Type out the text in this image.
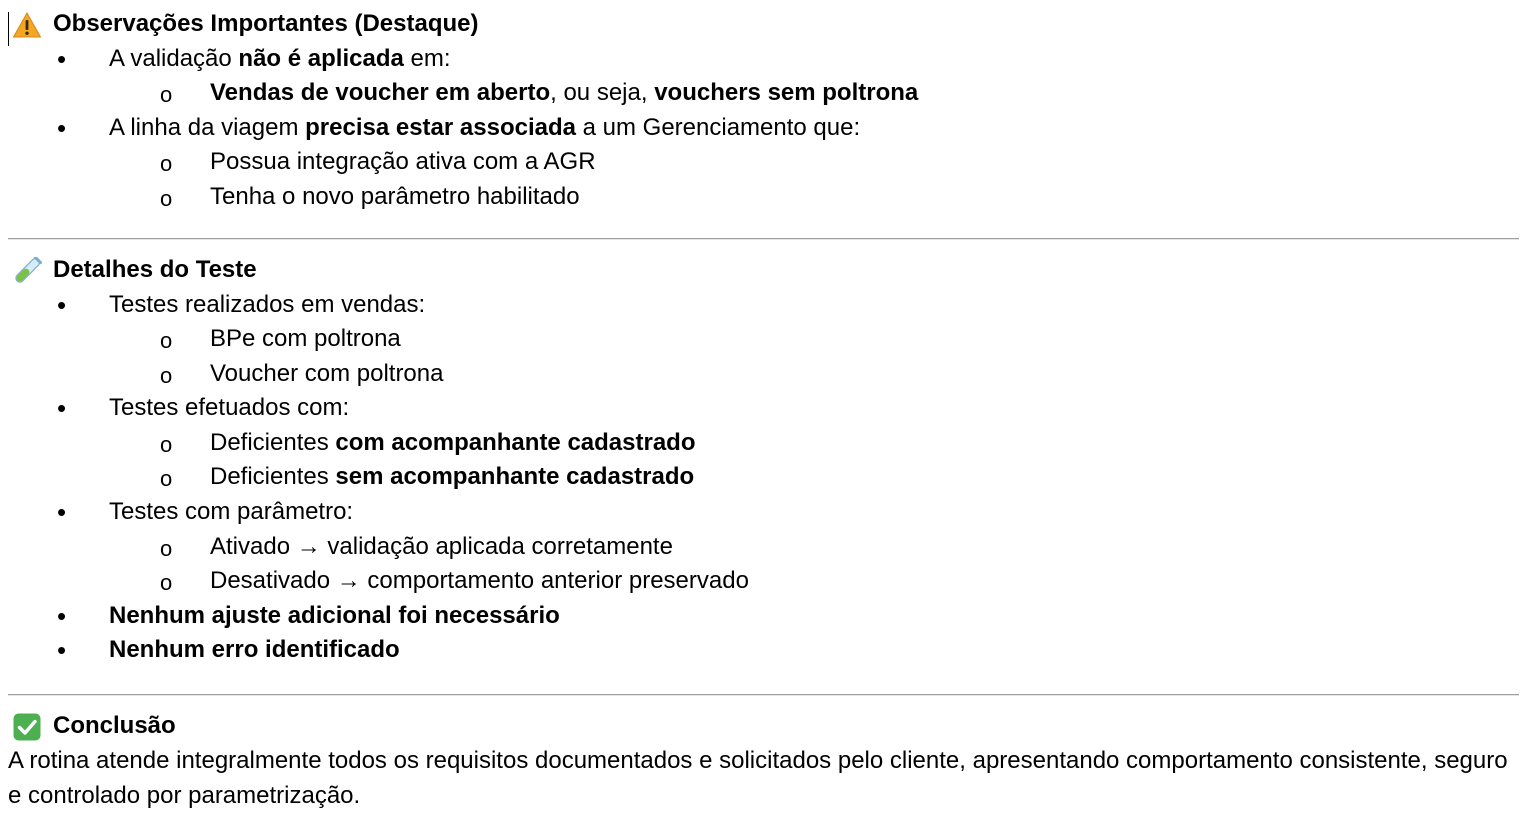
Observações Importantes (Destaque)
• A validação não é aplicada em:
o Vendas de voucher em aberto, ou seja, vouchers sem poltrona
• A linha da viagem precisa estar associada a um Gerenciamento que:
o Possua integração ativa com a AGR
o Tenha o novo parâmetro habilitado
Detalhes do Teste
• Testes realizados em vendas:
o BPe com poltrona
o Voucher com poltrona
• Testes efetuados com:
o Deficientes com acompanhante cadastrado
o Deficientes sem acompanhante cadastrado
• Testes com parâmetro:
o Ativado → validação aplicada corretamente
o Desativado → comportamento anterior preservado
• Nenhum ajuste adicional foi necessário
• Nenhum erro identificado
Conclusão
A rotina atende integralmente todos os requisitos documentados e solicitados pelo cliente, apresentando comportamento consistente, seguro e controlado por parametrização.
